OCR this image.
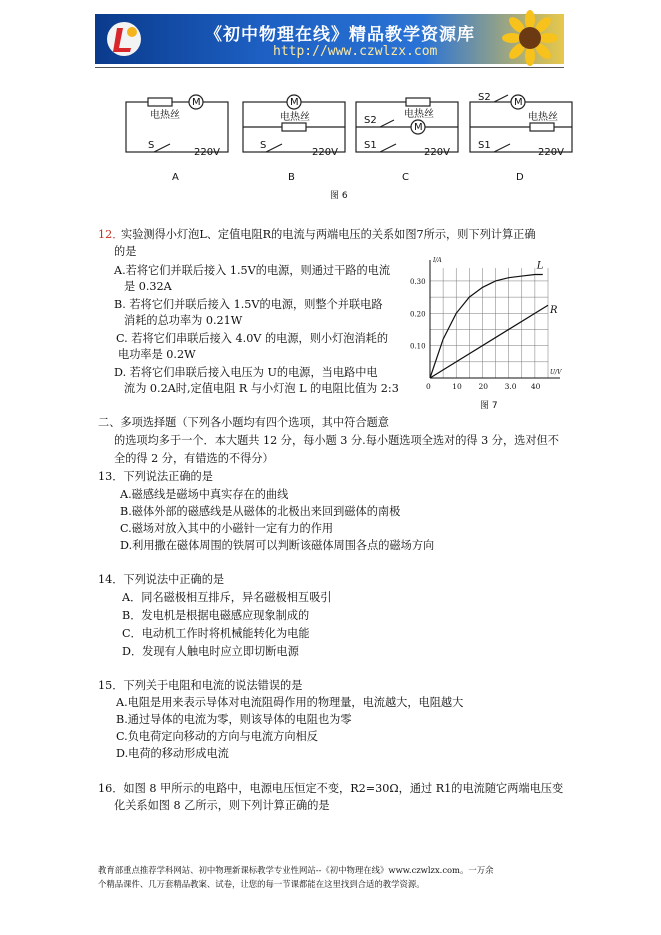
《初中物理在线》精品教学资源库
http://www.czwlzx.com
电热丝
M
S
220V
M
电热丝
S
220V
电热丝
M
S2
S1
220V
M
电热丝
S2
S1
220V
A	B	C	D
图 6
12．
实验测得小灯泡L、定值电阻R的电流与两端电压的关系如图7所示，则下列计算正确
的是
A.若将它们并联后接入 1.5V的电源，则通过干路的电流
是 0.32A
B. 若将它们并联后接入 1.5V的电源，则整个并联电路
消耗的总功率为 0.21W
C. 若将它们串联后接入 4.0V 的电源，则小灯泡消耗的
电功率是 0.2W
D. 若将它们串联后接入电压为 U的电源，当电路中电
流为 0.2A时,定值电阻 R 与小灯泡 L 的电阻比值为 2:3
I/A
U/V
0	10 20 3.0 40
0.10
0.20
0.30
L
R
图 7
二、多项选择题（下列各小题均有四个选项，其中符合题意
的选项均多于一个．本大题共 12 分，每小题 3 分.每小题选项全选对的得 3 分，选对但不
全的得 2 分，有错选的不得分）
13．下列说法正确的是
A.磁感线是磁场中真实存在的曲线
B.磁体外部的磁感线是从磁体的北极出来回到磁体的南极
C.磁场对放入其中的小磁针一定有力的作用
D.利用撒在磁体周围的铁屑可以判断该磁体周围各点的磁场方向
14．下列说法中正确的是
A．同名磁极相互排斥，异名磁极相互吸引
B．发电机是根据电磁感应现象制成的
C．电动机工作时将机械能转化为电能
D．发现有人触电时应立即切断电源
15．下列关于电阻和电流的说法错误的是
A.电阻是用来表示导体对电流阻碍作用的物理量，电流越大，电阻越大
B.通过导体的电流为零，则该导体的电阻也为零
C.负电荷定向移动的方向与电流方向相反
D.电荷的移动形成电流
16．如图 8 甲所示的电路中，电源电压恒定不变，R2=30Ω，通过 R1的电流随它两端电压变
化关系如图 8 乙所示，则下列计算正确的是
教育部重点推荐学科网站、初中物理新课标教学专业性网站--《初中物理在线》www.czwlzx.com。一万余
个精品课件、几万套精品教案、试卷，让您的每一节课都能在这里找到合适的教学资源。
